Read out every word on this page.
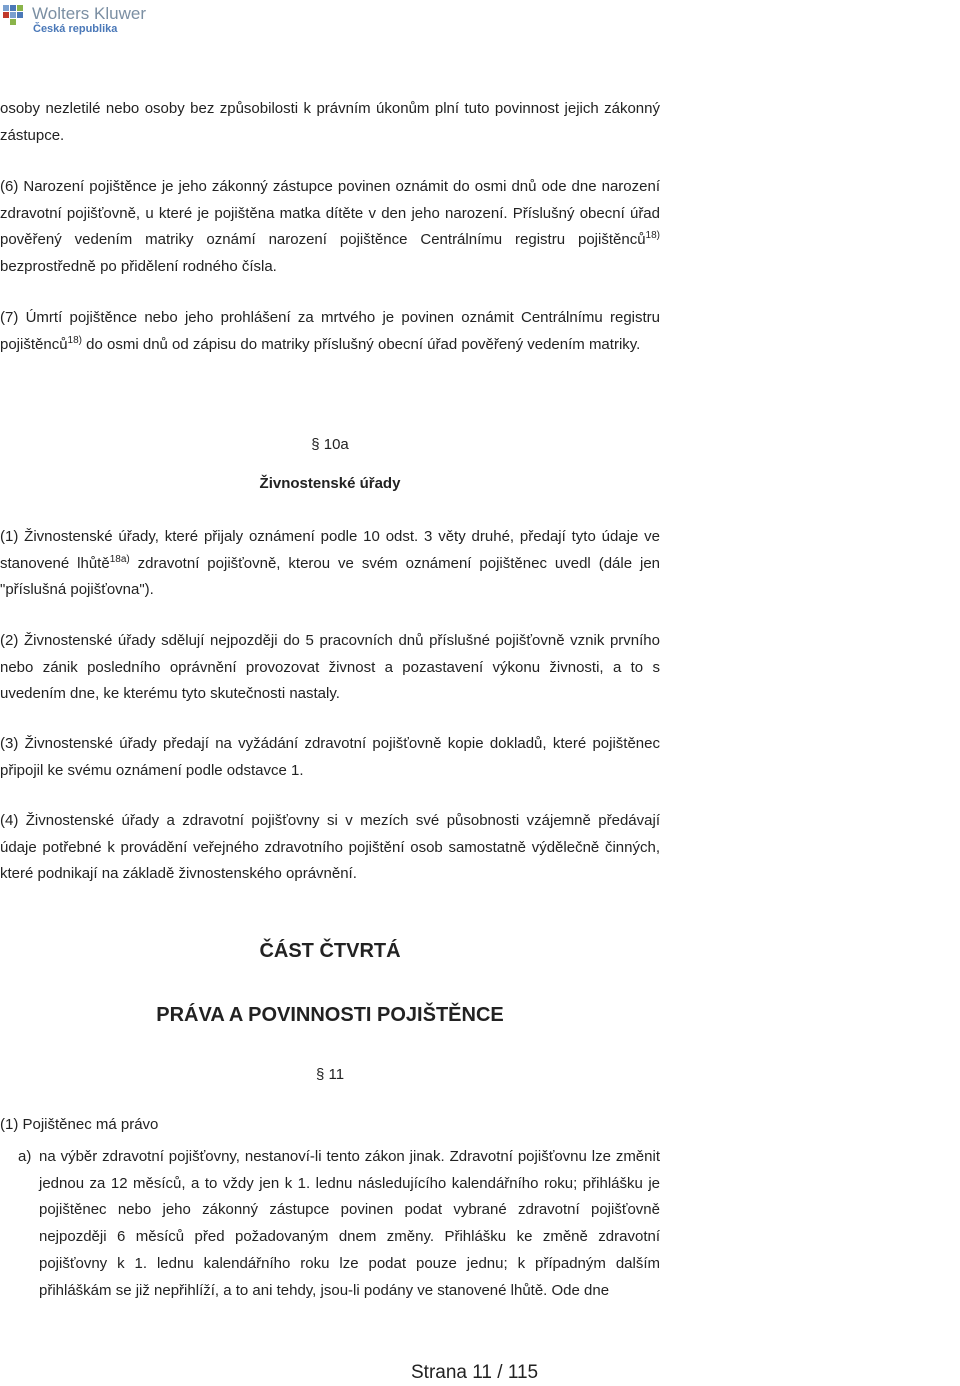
Wolters Kluwer
Česká republika

osoby nezletilé nebo osoby bez způsobilosti k právním úkonům plní tuto povinnost jejich zákonný zástupce.

(6) Narození pojištěnce je jeho zákonný zástupce povinen oznámit do osmi dnů ode dne narození zdravotní pojišťovně, u které je pojištěna matka dítěte v den jeho narození. Příslušný obecní úřad pověřený vedením matriky oznámí narození pojištěnce Centrálnímu registru pojištěnců$^{18)}$ bezprostředně po přidělení rodného čísla.

(7) Úmrtí pojištěnce nebo jeho prohlášení za mrtvého je povinen oznámit Centrálnímu registru pojištěnců$^{18)}$ do osmi dnů od zápisu do matriky příslušný obecní úřad pověřený vedením matriky.

§ 10a
Živnostenské úřady

(1) Živnostenské úřady, které přijaly oznámení podle 10 odst. 3 věty druhé, předají tyto údaje ve stanovené lhůtě$^{18a)}$ zdravotní pojišťovně, kterou ve svém oznámení pojištěnec uvedl (dále jen "příslušná pojišťovna").

(2) Živnostenské úřady sdělují nejpozději do 5 pracovních dnů příslušné pojišťovně vznik prvního nebo zánik posledního oprávnění provozovat živnost a pozastavení výkonu živnosti, a to s uvedením dne, ke kterému tyto skutečnosti nastaly.

(3) Živnostenské úřady předají na vyžádání zdravotní pojišťovně kopie dokladů, které pojištěnec připojil ke svému oznámení podle odstavce 1.

(4) Živnostenské úřady a zdravotní pojišťovny si v mezích své působnosti vzájemně předávají údaje potřebné k provádění veřejného zdravotního pojištění osob samostatně výdělečně činných, které podnikají na základě živnostenského oprávnění.

ČÁST ČTVRTÁ
PRÁVA A POVINNOSTI POJIŠTĚNCE
§ 11

(1) Pojištěnec má právo

a) na výběr zdravotní pojišťovny, nestanoví-li tento zákon jinak. Zdravotní pojišťovnu lze změnit jednou za 12 měsíců, a to vždy jen k 1. lednu následujícího kalendářního roku; přihlášku je pojištěnec nebo jeho zákonný zástupce povinen podat vybrané zdravotní pojišťovně nejpozději 6 měsíců před požadovaným dnem změny. Přihlášku ke změně zdravotní pojišťovny k 1. lednu kalendářního roku lze podat pouze jednu; k případným dalším přihláškám se již nepřihlíží, a to ani tehdy, jsou-li podány ve stanovené lhůtě. Ode dne
Strana 11 / 115
